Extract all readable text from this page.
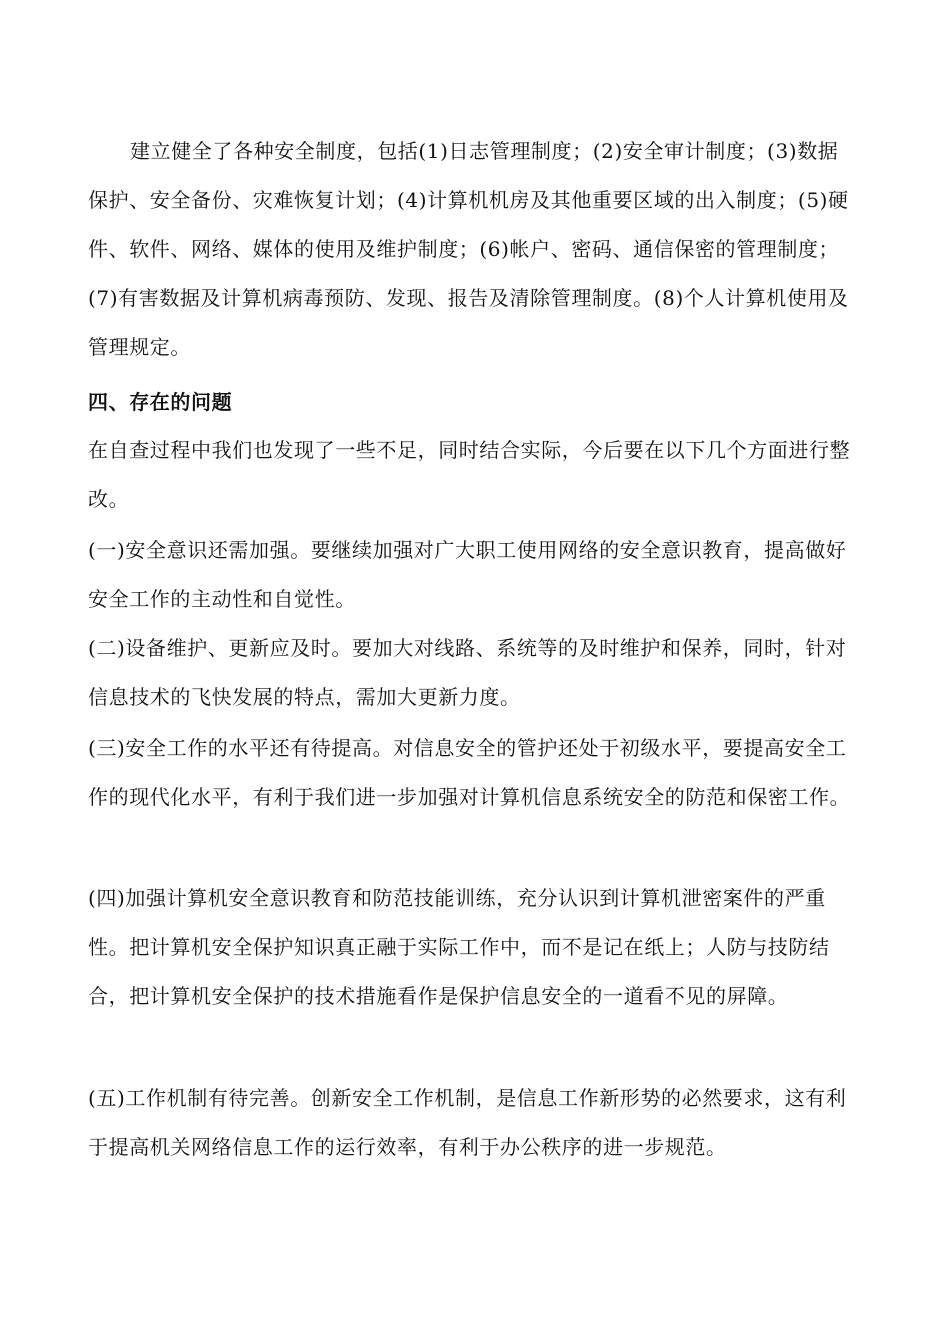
建立健全了各种安全制度，包括(1)日志管理制度；(2)安全审计制度；(3)数据保护、安全备份、灾难恢复计划；(4)计算机机房及其他重要区域的出入制度；(5)硬件、软件、网络、媒体的使用及维护制度；(6)帐户、密码、通信保密的管理制度；(7)有害数据及计算机病毒预防、发现、报告及清除管理制度。(8)个人计算机使用及管理规定。

四、存在的问题

在自查过程中我们也发现了一些不足，同时结合实际，今后要在以下几个方面进行整改。

(一)安全意识还需加强。要继续加强对广大职工使用网络的安全意识教育，提高做好安全工作的主动性和自觉性。

(二)设备维护、更新应及时。要加大对线路、系统等的及时维护和保养，同时，针对信息技术的飞快发展的特点，需加大更新力度。

(三)安全工作的水平还有待提高。对信息安全的管护还处于初级水平，要提高安全工作的现代化水平，有利于我们进一步加强对计算机信息系统安全的防范和保密工作。

(四)加强计算机安全意识教育和防范技能训练，充分认识到计算机泄密案件的严重性。把计算机安全保护知识真正融于实际工作中，而不是记在纸上；人防与技防结合，把计算机安全保护的技术措施看作是保护信息安全的一道看不见的屏障。

(五)工作机制有待完善。创新安全工作机制，是信息工作新形势的必然要求，这有利于提高机关网络信息工作的运行效率，有利于办公秩序的进一步规范。
